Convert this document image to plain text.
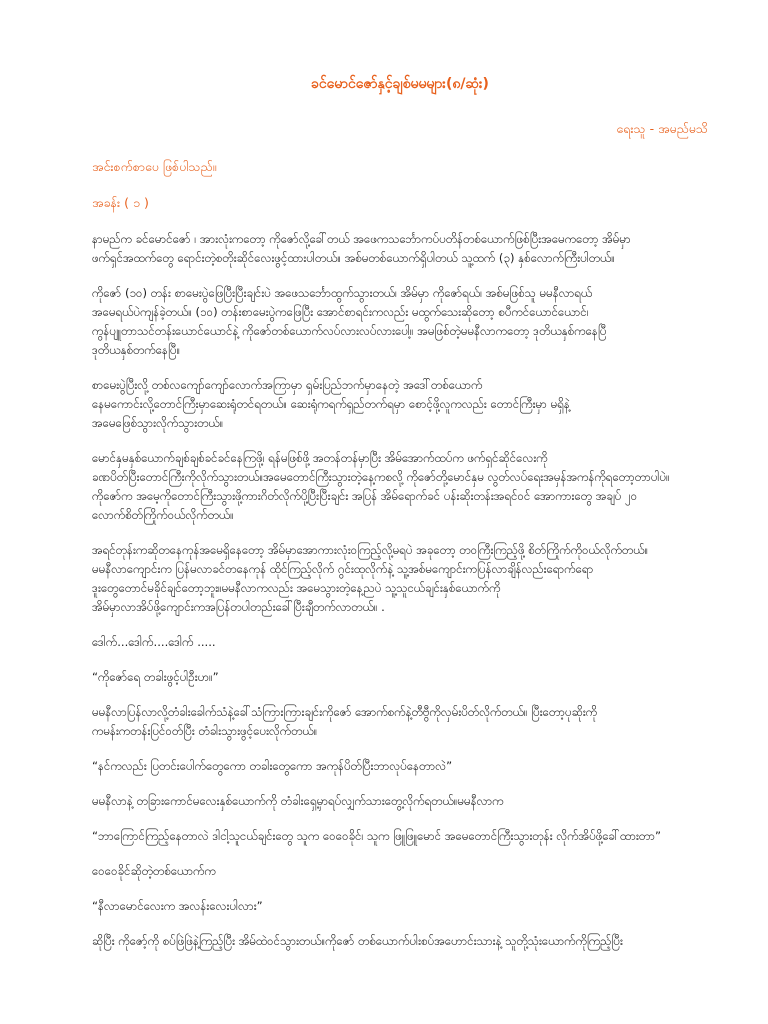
ခင်မောင်ဇော်နှင့်ချစ်မမများ(၈/ဆုံး)
ရေးသူ - အမည်မသိ
အင်းစက်စာပေ ဖြစ်ပါသည်။
အခန်း ( ၁ )

နာမည်က ခင်မောင်ဇော် ၊ အားလုံးကတော့ ကိုဇော်လို့ခေါ်တယ် အဖေကသင်္ဘောကပ်ပတိန်တစ်ယောက်ဖြစ်ပြီးအမေကတော့ အိမ်မှာ
ဖက်ရှင်အထက်တွေ ရောင်းတဲ့စတိုးဆိုင်လေးဖွင့်ထားပါတယ်။ အစ်မတစ်ယောက်ရှိပါတယ် သူ့ထက် (၃) နှစ်လောက်ကြီးပါတယ်။

ကိုဇော် (၁၀) တန်း စာမေးပွဲဖြေပြီးပြီးချင်းပဲ အဖေသင်္ဘောထွက်သွားတယ်၊ အိမ်မှာ ကိုဇော်ရယ်၊ အစ်မဖြစ်သူ မမနီလာရယ်
အမေရယ်ပဲကျန်ခဲ့တယ်။ (၁၀) တန်းစာမေးပွဲကဖြေပြီး အောင်စာရင်းကလည်း မထွက်သေးဆိုတော့ စပီကင်ယောင်ယောင်၊
ကွန်ပျူတာသင်တန်းယောင်ယောင်နဲ့ ကိုဇော်တစ်ယောက်လပ်လားလပ်လားပေါ့။ အမဖြစ်တဲ့မမနီလာကတော့ ဒုတိယနှစ်ကနေပြီ
ဒုတိယနှစ်တက်နေပြီ။

စာမေးပွဲပြီးလို့ တစ်လကျော်ကျော်လောက်အကြာမှာ ရှမ်းပြည်ဘက်မှာနေတဲ့ အဒေါ်တစ်ယောက်
နေမကောင်းလို့တောင်ကြီးမှာဆေးရုံတင်ရတယ်။ ဆေးရုံကရက်ရှည်တက်ရမှာ စောင့်ဖို့လူကလည်း တောင်ကြီးမှာ မရှိနဲ့
အမေဖြေစ်သွားလိုက်သွားတယ်။

မောင်နှမနှစ်ယောက်ချစ်ချစ်ခင်ခင်နေကြဖို့၊ ရန်မဖြစ်ဖို့ အတန်တန်မှာပြီး အိမ်အောက်ထပ်က ဖက်ရှင်ဆိုင်လေးကို
ခဏပိတ်ပြီးတောင်ကြီးကိုလိုက်သွားတယ်။အမေတောင်ကြီးသွားတဲ့နေ့ကစလို့ ကိုဇော်တို့မောင်နှမ လွတ်လပ်ရေးအမှန်အကန်ကိုရတော့တာပါပဲ။
ကိုဇော်က အမေ့ကိုတောင်ကြီးသွားဖို့ကားဂိတ်လိုက်ပို့ပြီးပြီးချင်း အပြန် အိမ်ရောက်ခင် ပန်းဆိုးတန်းအရင်ဝင် အောကားတွေ အချပ် ၂၀
လောက်စိတ်ကြိုက်ဝယ်လိုက်တယ်။

အရင်တုန်းကဆိုတနေကုန်အမေရှိနေတော့ အိမ်မှာအောကားလုံးဝကြည့်လို့မရပဲ အခုတော့ တဝကြီးကြည့်ဖို့ စိတ်ကြိုက်ကိုဝယ်လိုက်တယ်။
မမနီလာကျောင်းက ပြန်မလာခင်တနေကုန် ထိုင်ကြည့်လိုက် ဂွင်းထုလိုက်နဲ့ သူ့အစ်မကျောင်းကပြန်လာချိန်လည်းရောက်ရော
ဒူးတွေတောင်မခိုင်ချင်တော့ဘူး။မမနီလာကလည်း အမေသွားတဲ့နေ့ညပဲ သူ့သူငယ်ချင်းနှစ်ယောက်ကို
အိမ်မှာလာအိပ်ဖို့ကျောင်းကအပြန်တပါတည်းခေါ်ပြီးချီတက်လာတယ်။ .

ဒေါက်...ဒေါက်....ဒေါက် .....

“ကိုဇော်ရေ တခါးဖွင့်ပါဦးဟ။”

မမနီလာပြန်လာလို့တံခါးခေါက်သံနဲ့ခေါ်သံကြားကြားချင်းကိုဇော် အောက်စက်နဲ့တီဗွီကိုလှမ်းပိတ်လိုက်တယ်။ ပြီးတော့ပုဆိုးကို
ကမန်းကတန်းပြင်ဝတ်ပြီး တံခါးသွားဖွင့်ပေးလိုက်တယ်။

“နင်ကလည်း ပြတင်းပေါက်တွေကော တခါးတွေကော အကုန်ပိတ်ပြီးဘာလုပ်နေတာလဲ”

မမနီလာနဲ့ တခြားကောင်မလေးနှစ်ယောက်ကို တံခါးရှေ့မှာရပ်လျှက်သားတွေ့လိုက်ရတယ်။မမနီလာက

“ဘာကြောင်ကြည့်နေတာလဲ ဒါငါ့သူငယ်ချင်းတွေ သူက ဝေဝေခိုင်၊ သူက ဖြူဖြူမောင် အမေတောင်ကြီးသွားတုန်း လိုက်အိပ်ဖို့ခေါ်ထားတာ”

ဝေဝေခိုင်ဆိုတဲ့တစ်ယောက်က

“နီလာမောင်လေးက အလန်းလေးပါလား”

ဆိုပြီး ကိုဇော့်ကို စပ်ဖြဲဖြဲနဲ့ကြည့်ပြီး အိမ်ထဲဝင်သွားတယ်။ကိုဇော် တစ်ယောက်ပါးစပ်အဟောင်းသားနဲ့ သူတို့သုံးယောက်ကိုကြည့်ပြီး
